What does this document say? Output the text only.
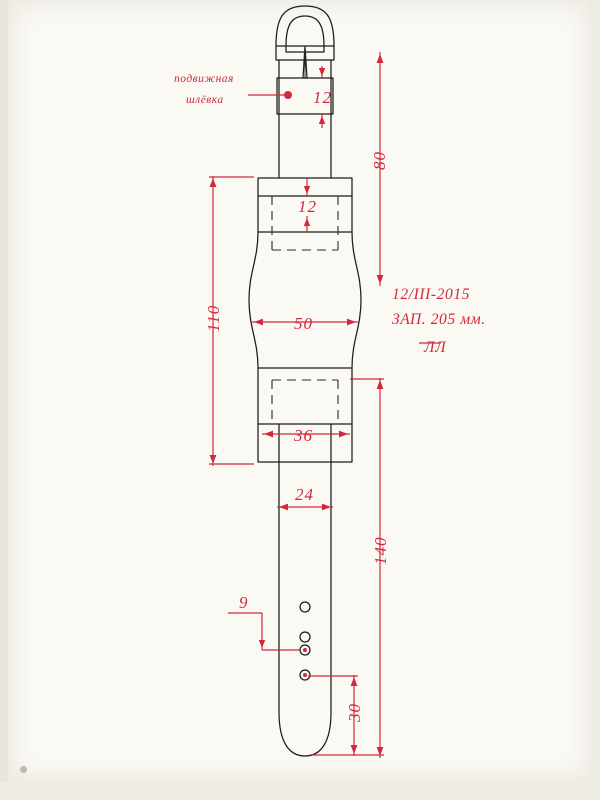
подвижная
шлёвка	12
12
80
110	50
36
24
140
9
30
12/III-2015
ЗАП. 205 мм.
ЛЛ
